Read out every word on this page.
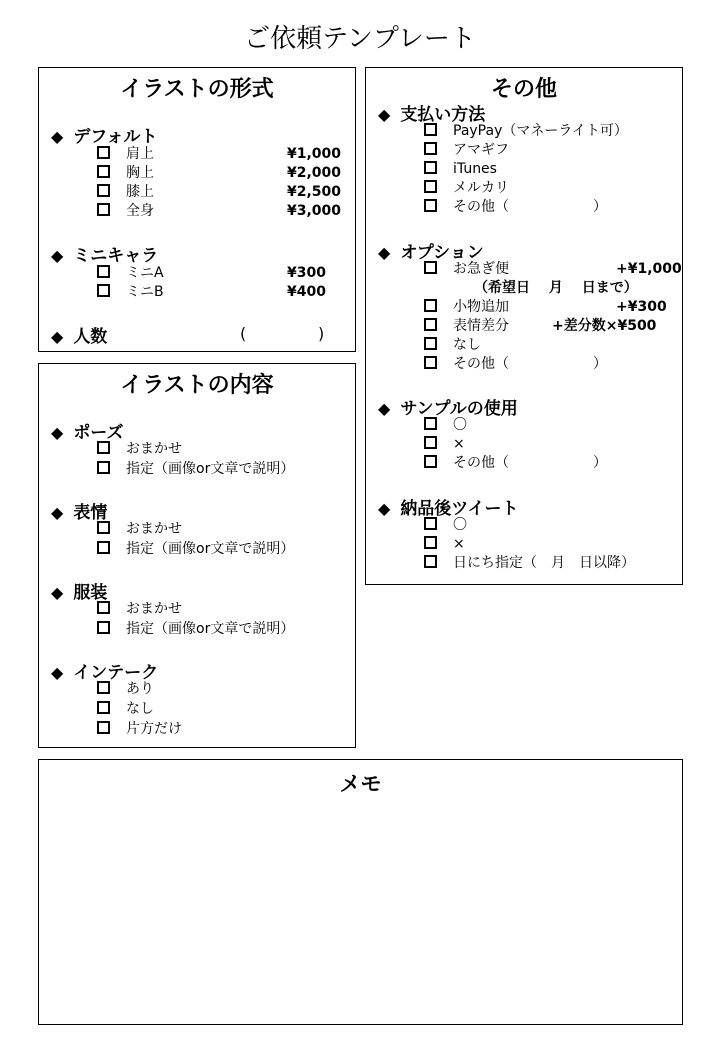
ご依頼テンプレート
イラストの形式
◆ デフォルト
肩上	¥1,000
胸上	¥2,000
膝上	¥2,500
全身	¥3,000
◆ ミニキャラ
ミニA	¥300
ミニB	¥400
◆ 人数	(	)
イラストの内容
◆ ポーズ
おまかせ
指定（画像or文章で説明）
◆ 表情
おまかせ
指定（画像or文章で説明）
◆ 服装
おまかせ
指定（画像or文章で説明）
◆ インテーク
あり
なし
片方だけ
その他
◆ 支払い方法
PayPay（マネーライト可）
アマギフ
iTunes
メルカリ
その他（　　　　　　）
◆ オプション
お急ぎ便	+¥1,000
（希望日　 月　 日まで）
小物追加	+¥300
表情差分	+差分数×¥500
なし
その他（　　　　　　）
◆ サンプルの使用
〇
×
その他（　　　　　　）
◆ 納品後ツイート
〇
×
日にち指定（　月　日以降）
メモ
